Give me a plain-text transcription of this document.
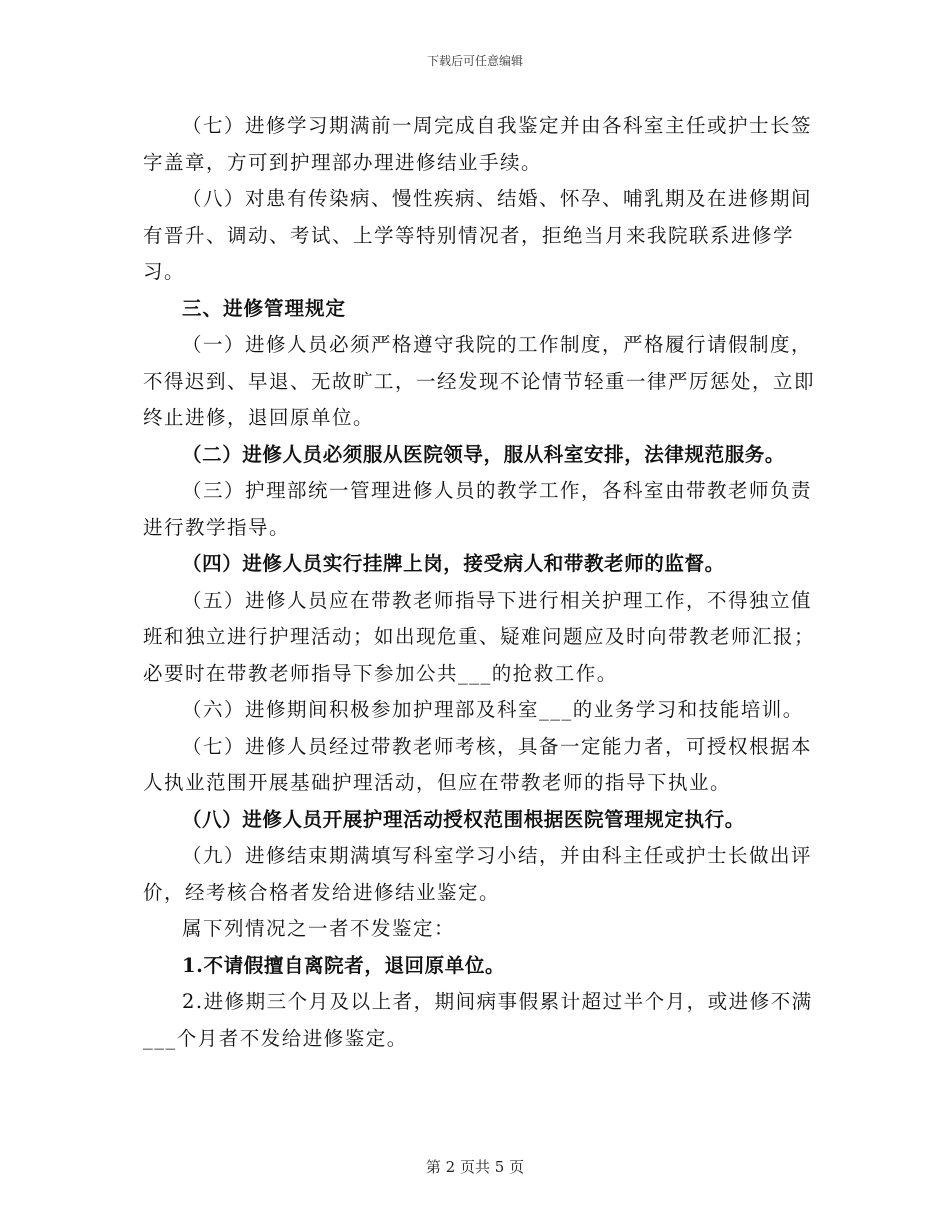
下载后可任意编辑

（七）进修学习期满前一周完成自我鉴定并由各科室主任或护士长签字盖章，方可到护理部办理进修结业手续。

（八）对患有传染病、慢性疾病、结婚、怀孕、哺乳期及在进修期间有晋升、调动、考试、上学等特别情况者，拒绝当月来我院联系进修学习。

三、进修管理规定

（一）进修人员必须严格遵守我院的工作制度，严格履行请假制度，不得迟到、早退、无故旷工，一经发现不论情节轻重一律严厉惩处，立即终止进修，退回原单位。

（二）进修人员必须服从医院领导，服从科室安排，法律规范服务。

（三）护理部统一管理进修人员的教学工作，各科室由带教老师负责进行教学指导。

（四）进修人员实行挂牌上岗，接受病人和带教老师的监督。

（五）进修人员应在带教老师指导下进行相关护理工作，不得独立值班和独立进行护理活动；如出现危重、疑难问题应及时向带教老师汇报；必要时在带教老师指导下参加公共___的抢救工作。

（六）进修期间积极参加护理部及科室___的业务学习和技能培训。

（七）进修人员经过带教老师考核，具备一定能力者，可授权根据本人执业范围开展基础护理活动，但应在带教老师的指导下执业。

（八）进修人员开展护理活动授权范围根据医院管理规定执行。

（九）进修结束期满填写科室学习小结，并由科主任或护士长做出评价，经考核合格者发给进修结业鉴定。

属下列情况之一者不发鉴定：

1.不请假擅自离院者，退回原单位。

2.进修期三个月及以上者，期间病事假累计超过半个月，或进修不满___个月者不发给进修鉴定。

第 2 页共 5 页
